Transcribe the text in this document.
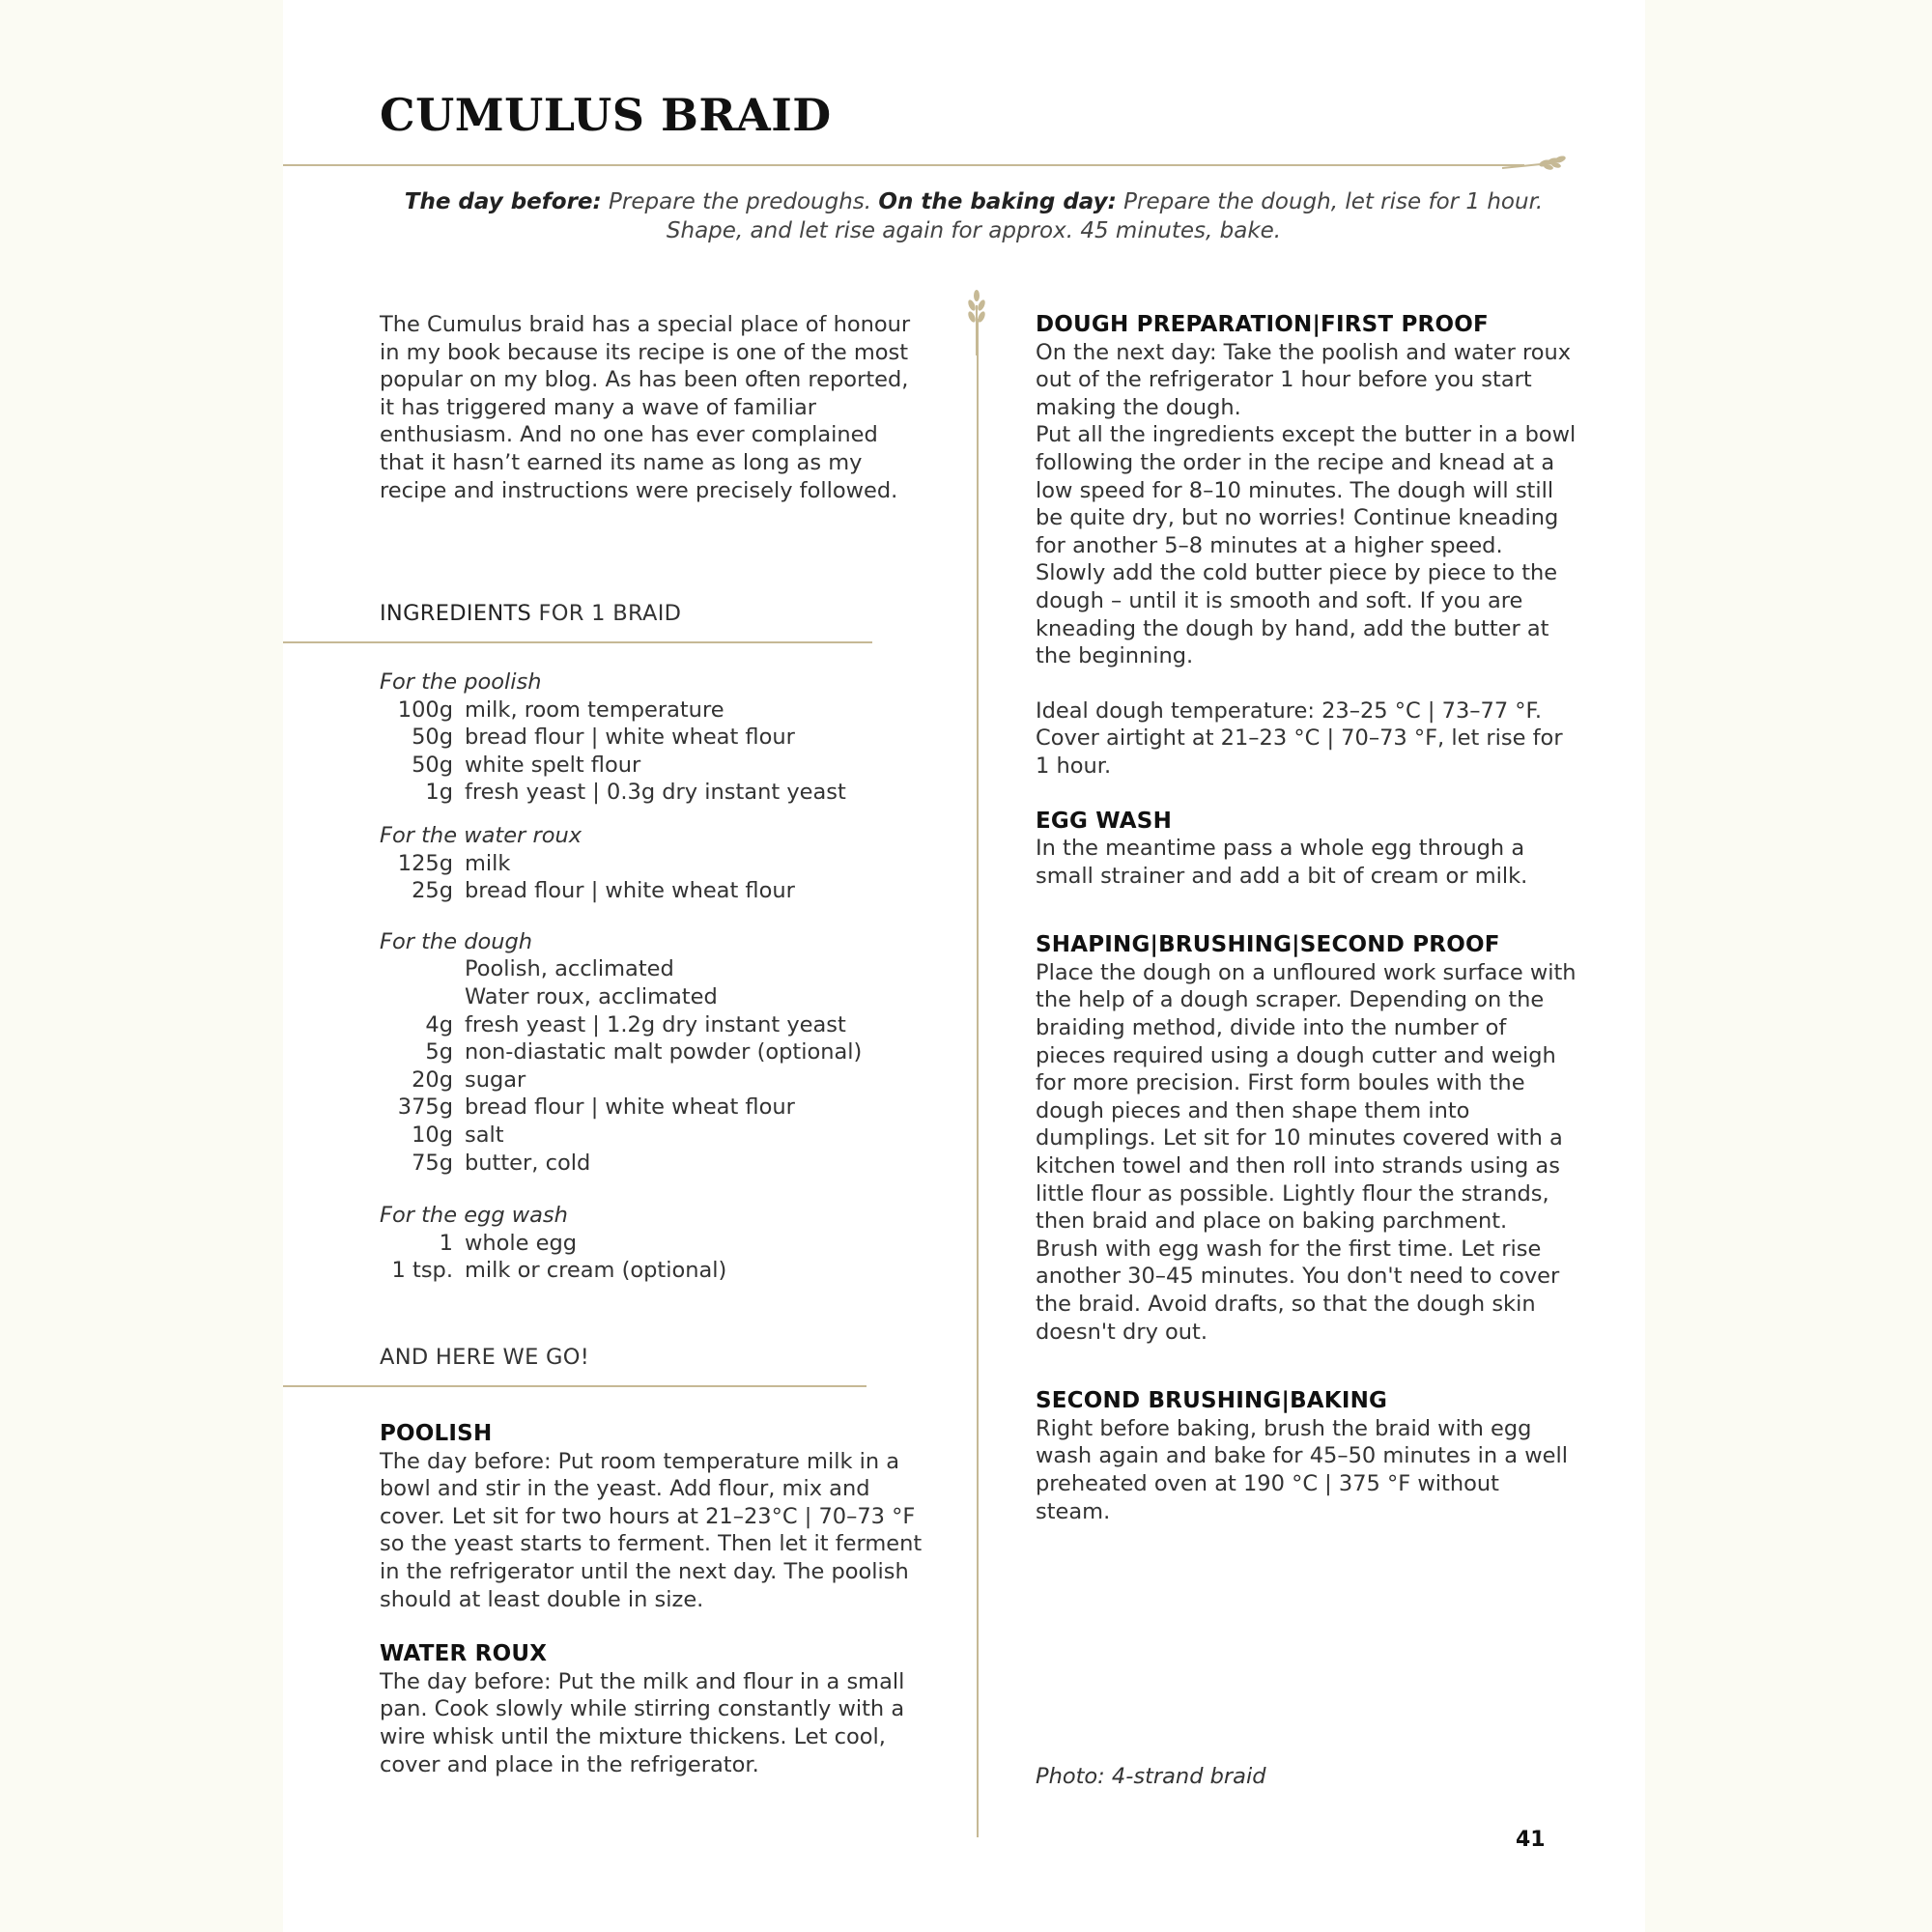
CUMULUS BRAID
The day before: Prepare the predoughs. On the baking day: Prepare the dough, let rise for 1 hour.
Shape, and let rise again for approx. 45 minutes, bake.

The Cumulus braid has a special place of honour in my book because its recipe is one of the most popular on my blog. As has been often reported, it has triggered many a wave of familiar enthusiasm. And no one has ever complained that it hasn’t earned its name as long as my recipe and instructions were precisely followed.

INGREDIENTS FOR 1 BRAID
For the poolish
100g milk, room temperature
50g bread flour | white wheat flour
50g white spelt flour
1g fresh yeast | 0.3g dry instant yeast
For the water roux
125g milk
25g bread flour | white wheat flour
For the dough
Poolish, acclimated
Water roux, acclimated
4g fresh yeast | 1.2g dry instant yeast
5g non-diastatic malt powder (optional)
20g sugar
375g bread flour | white wheat flour
10g salt
75g butter, cold
For the egg wash
1 whole egg
1 tsp. milk or cream (optional)
AND HERE WE GO!
POOLISH

The day before: Put room temperature milk in a bowl and stir in the yeast. Add flour, mix and cover. Let sit for two hours at 21–23°C | 70–73 °F so the yeast starts to ferment. Then let it ferment in the refrigerator until the next day. The poolish should at least double in size.

WATER ROUX

The day before: Put the milk and flour in a small pan. Cook slowly while stirring constantly with a wire whisk until the mixture thickens. Let cool, cover and place in the refrigerator.

DOUGH PREPARATION|FIRST PROOF

On the next day: Take the poolish and water roux out of the refrigerator 1 hour before you start making the dough.

Put all the ingredients except the butter in a bowl following the order in the recipe and knead at a low speed for 8–10 minutes. The dough will still be quite dry, but no worries! Continue kneading for another 5–8 minutes at a higher speed. Slowly add the cold butter piece by piece to the dough – until it is smooth and soft. If you are kneading the dough by hand, add the butter at the beginning.

Ideal dough temperature: 23–25 °C | 73–77 °F. Cover airtight at 21–23 °C | 70–73 °F, let rise for 1 hour.

EGG WASH

In the meantime pass a whole egg through a small strainer and add a bit of cream or milk.

SHAPING|BRUSHING|SECOND PROOF

Place the dough on a unfloured work surface with the help of a dough scraper. Depending on the braiding method, divide into the number of pieces required using a dough cutter and weigh for more precision. First form boules with the dough pieces and then shape them into dumplings. Let sit for 10 minutes covered with a kitchen towel and then roll into strands using as little flour as possible. Lightly flour the strands, then braid and place on baking parchment. Brush with egg wash for the first time. Let rise another 30–45 minutes. You don't need to cover the braid. Avoid drafts, so that the dough skin doesn't dry out.

SECOND BRUSHING|BAKING

Right before baking, brush the braid with egg wash again and bake for 45–50 minutes in a well preheated oven at 190 °C | 375 °F without steam.

Photo: 4-strand braid
41
